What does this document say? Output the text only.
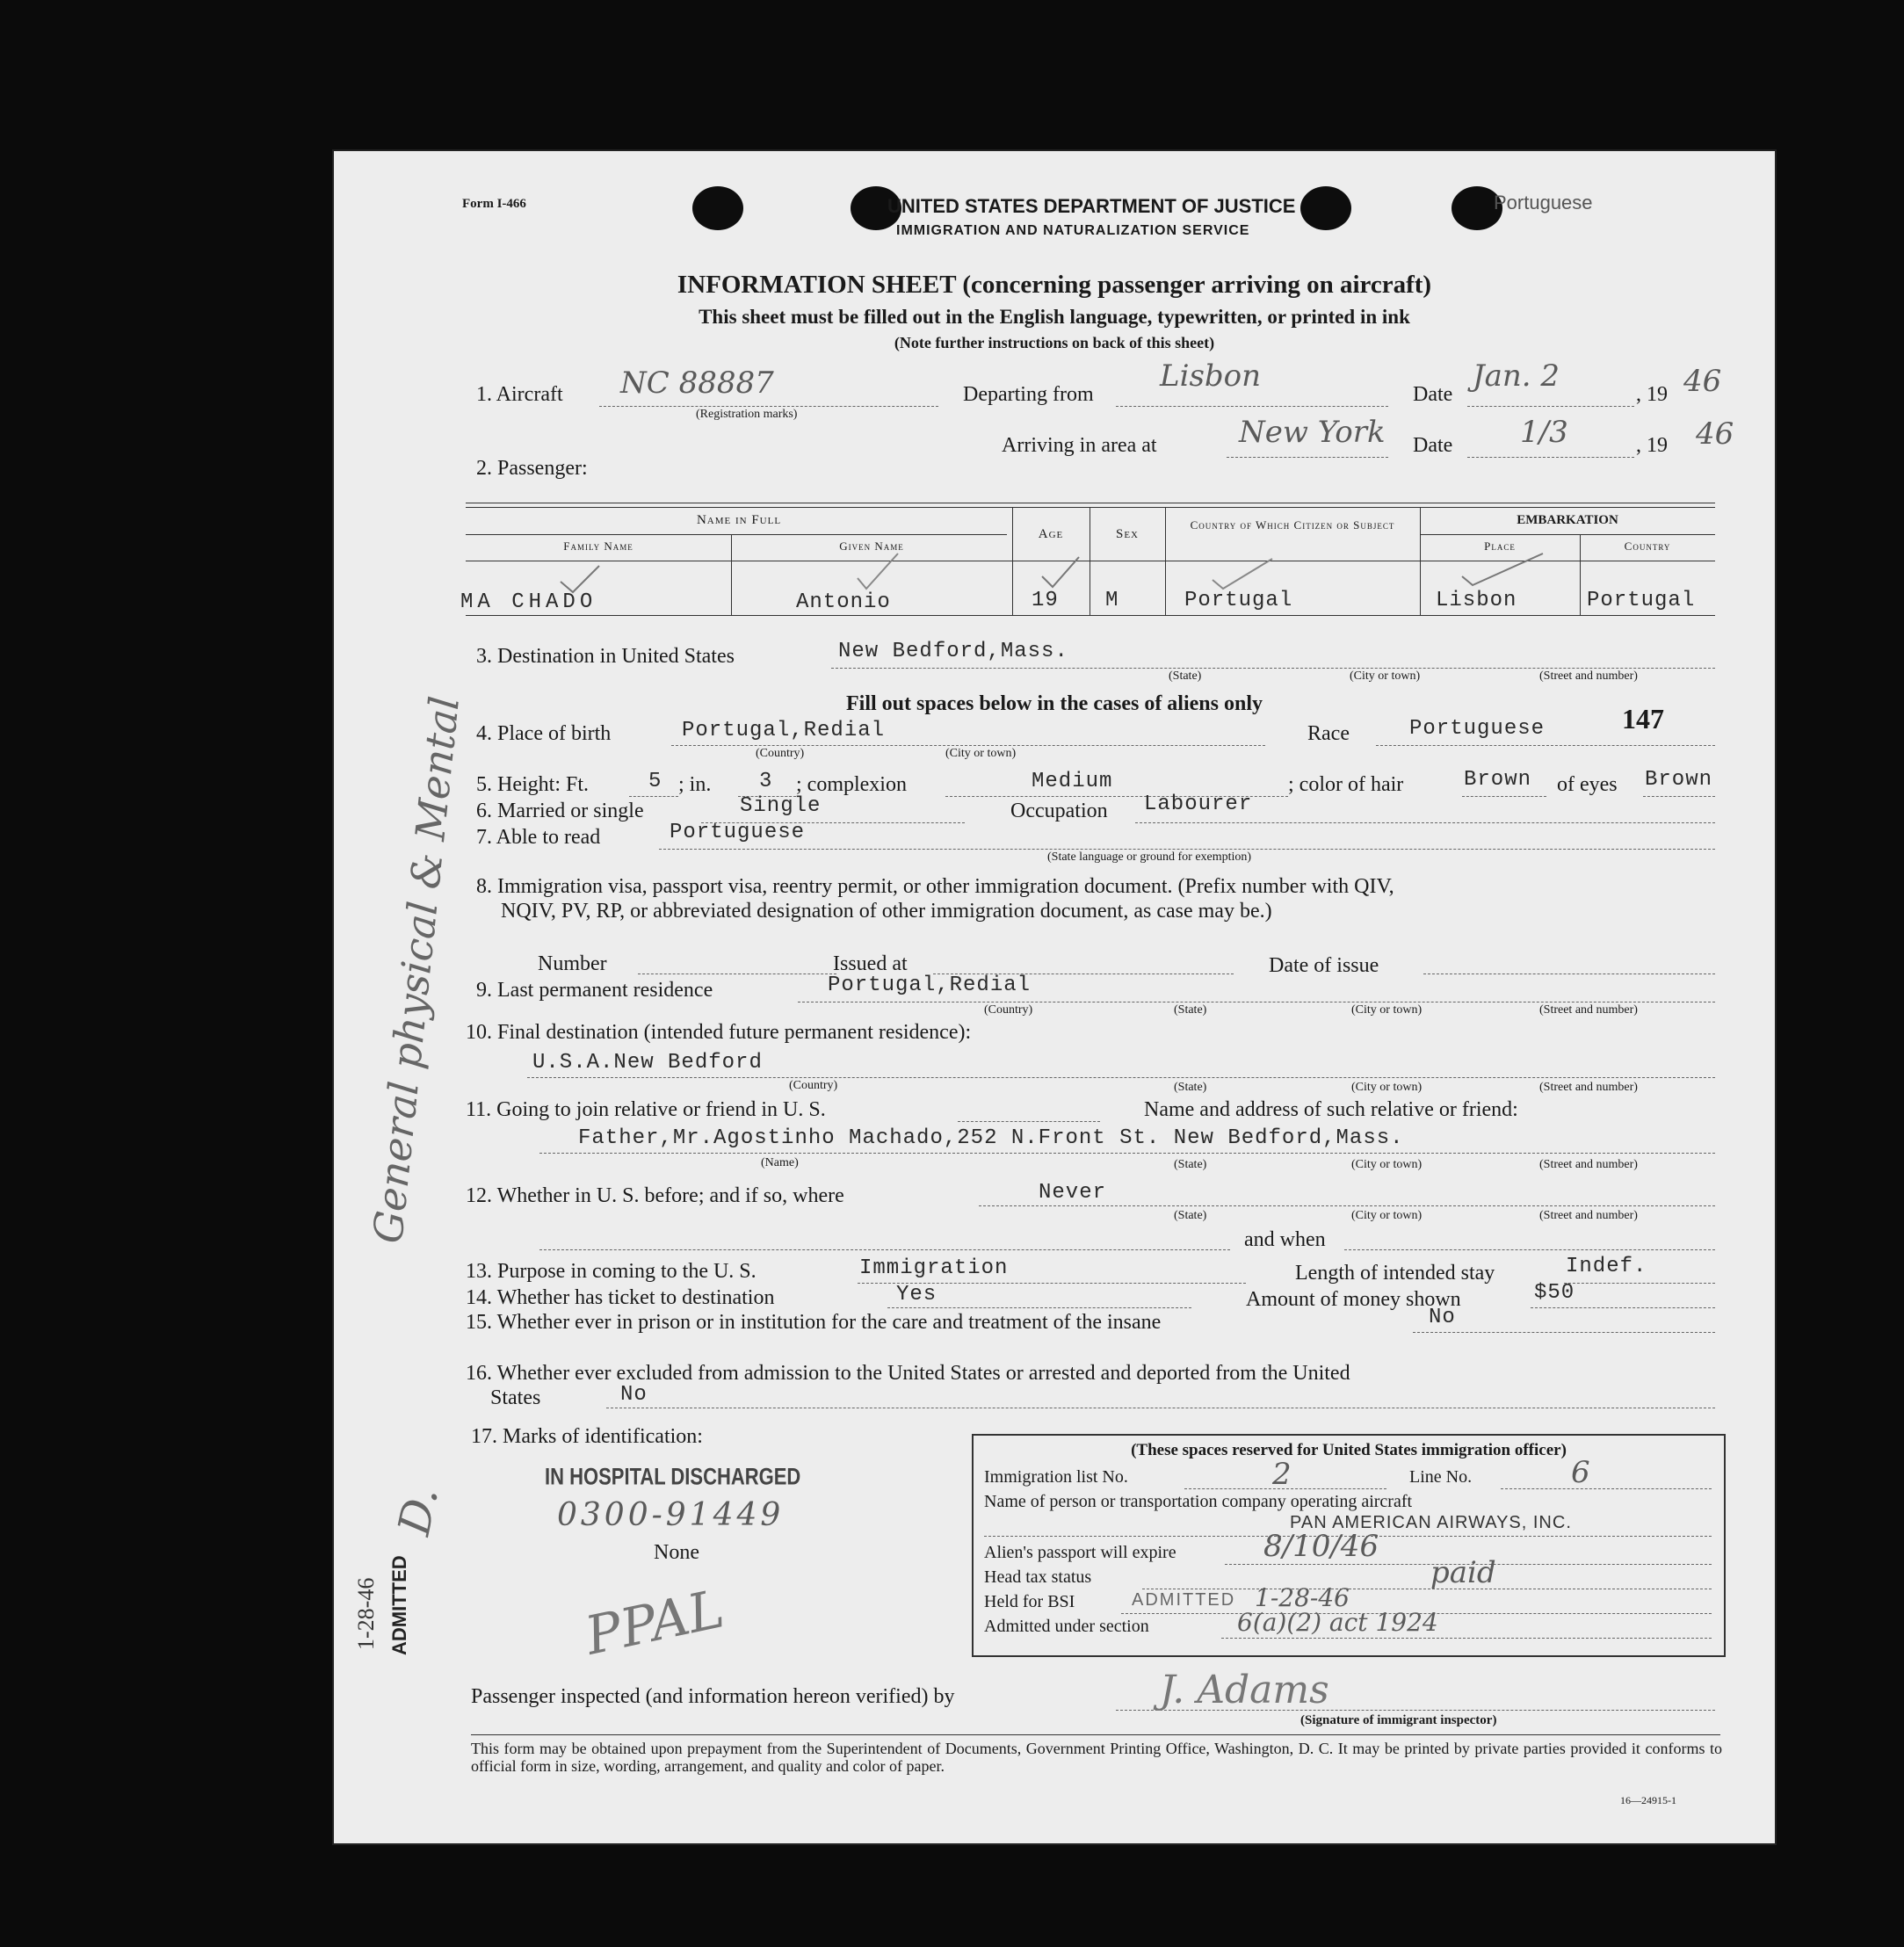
Form I-466	UNITED STATES DEPARTMENT OF JUSTICE
IMMIGRATION AND NATURALIZATION SERVICE
Portuguese
INFORMATION SHEET (concerning passenger arriving on aircraft)
This sheet must be filled out in the English language, typewritten, or printed in ink
(Note further instructions on back of this sheet)
1. Aircraft NC 88887
(Registration marks)
Departing from
Lisbon
Date
Jan. 2
, 19 46
Arriving in area at	New York Date 1/3	, 19 46
2. Passenger:
Name in Full
Family Name	Given Name
Age	Sex
Country of Which Citizen or Subject	EMBARKATION
Place	Country
MA CHADO	Antonio	19 M	Portugal	Lisbon	Portugal
3. Destination in United States	New Bedford,Mass.
(State)	(City or town)	(Street and number)
Fill out spaces below in the cases of aliens only
4. Place of birth	Portugal,Redial
(Country)	(City or town)
Race	Portuguese	147
5. Height: Ft.	5 ; in. 3 ; complexion	Medium	; color of hair	Brown of eyes Brown
6. Married or single	Single	Occupation Labourer
7. Able to read	Portuguese
(State language or ground for exemption)
8. Immigration visa, passport visa, reentry permit, or other immigration document. (Prefix number with QIV,
NQIV, PV, RP, or abbreviated designation of other immigration document, as case may be.)
Number	Issued at	Date of issue
9. Last permanent residence	Portugal,Redial
(Country)	(State)	(City or town)	(Street and number)
10. Final destination (intended future permanent residence):
U.S.A.New Bedford
(Country)	(State)	(City or town)	(Street and number)
11. Going to join relative or friend in U. S.	Name and address of such relative or friend:
Father,Mr.Agostinho Machado,252 N.Front St. New Bedford,Mass.
(Name)	(State)	(City or town)	(Street and number)
12. Whether in U. S. before; and if so, where	Never
(State)	(City or town)	(Street and number)
and when
13. Purpose in coming to the U. S.	Immigration	Length of intended stay	Indef.
14. Whether has ticket to destination	Yes	Amount of money shown	$50
15. Whether ever in prison or in institution for the care and treatment of the insane	No
16. Whether ever excluded from admission to the United States or arrested and deported from the United
States	No
17. Marks of identification:
IN HOSPITAL DISCHARGED
0300-91449
None
PPAL
(These spaces reserved for United States immigration officer)
Immigration list No.	2	Line No.	6
Name of person or transportation company operating aircraft
PAN AMERICAN AIRWAYS, INC.
Alien's passport will expire	8/10/46
Head tax status	paid
Held for BSI	ADMITTED 1-28-46
Admitted under section	6(a)(2) act 1924
Passenger inspected (and information hereon verified) by	J. Adams
(Signature of immigrant inspector)
This form may be obtained upon prepayment from the Superintendent of Documents, Government Printing Office, Washington, D. C. It may be printed by private parties provided it conforms to official form in size, wording, arrangement, and quality and color of paper.
16—24915-1
General physical & Mental
D.
1-28-46 ADMITTED
